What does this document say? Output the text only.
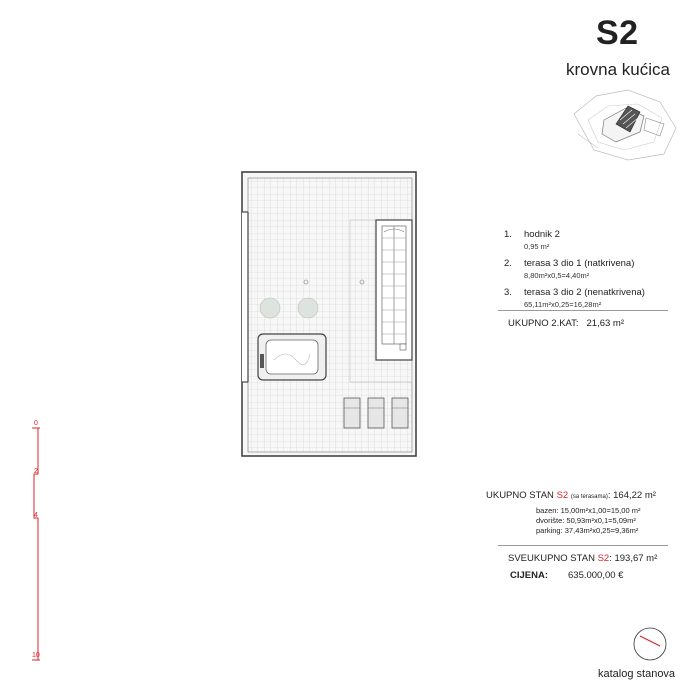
S2
krovna kućica
1. hodnik 2
0,95 m²
2. terasa 3 dio 1 (natkrivena)
8,80m²x0,5=4,40m²
3. terasa 3 dio 2 (nenatkrivena)
65,11m²x0,25=16,28m²
UKUPNO 2.KAT: 21,63 m²
UKUPNO STAN S2 (sa terasama): 164,22 m²
bazen: 15,00m²x1,00=15,00 m²
dvorište: 50,93m²x0,1=5,09m²
parking: 37,43m²x0,25=9,36m²
SVEUKUPNO STAN S2: 193,67 m²
CIJENA: 635.000,00 €
0
2
4
10
katalog stanova
